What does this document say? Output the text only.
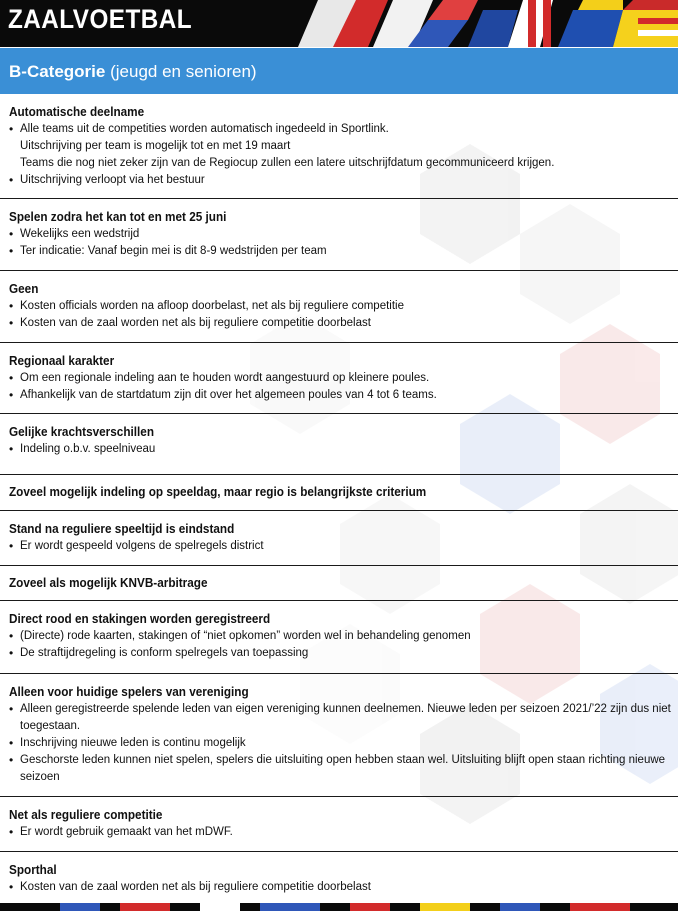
ZAALVOETBAL
B-Categorie (jeugd en senioren)
Automatische deelname
• Alle teams uit de competities worden automatisch ingedeeld in Sportlink.
Uitschrijving per team is mogelijk tot en met 19 maart
Teams die nog niet zeker zijn van de Regiocup zullen een latere uitschrijfdatum gecommuniceerd krijgen.
• Uitschrijving verloopt via het bestuur
Spelen zodra het kan tot en met 25 juni
• Wekelijks een wedstrijd
• Ter indicatie: Vanaf begin mei is dit 8-9 wedstrijden per team
Geen
• Kosten officials worden na afloop doorbelast, net als bij reguliere competitie
• Kosten van de zaal worden net als bij reguliere competitie doorbelast
Regionaal karakter
• Om een regionale indeling aan te houden wordt aangestuurd op kleinere poules.
• Afhankelijk van de startdatum zijn dit over het algemeen poules van 4 tot 6 teams.
Gelijke krachtsverschillen
• Indeling o.b.v. speelniveau
Zoveel mogelijk indeling op speeldag, maar regio is belangrijkste criterium
Stand na reguliere speeltijd is eindstand
• Er wordt gespeeld volgens de spelregels district
Zoveel als mogelijk KNVB-arbitrage
Direct rood en stakingen worden geregistreerd
• (Directe) rode kaarten, stakingen of “niet opkomen” worden wel in behandeling genomen
• De straftijdregeling is conform spelregels van toepassing
Alleen voor huidige spelers van vereniging
• Alleen geregistreerde spelende leden van eigen vereniging kunnen deelnemen. Nieuwe leden per seizoen 2021/’22 zijn dus niet
toegestaan.
• Inschrijving nieuwe leden is continu mogelijk
• Geschorste leden kunnen niet spelen, spelers die uitsluiting open hebben staan wel. Uitsluiting blijft open staan richting nieuwe
seizoen
Net als reguliere competitie
• Er wordt gebruik gemaakt van het mDWF.
Sporthal
• Kosten van de zaal worden net als bij reguliere competitie doorbelast
